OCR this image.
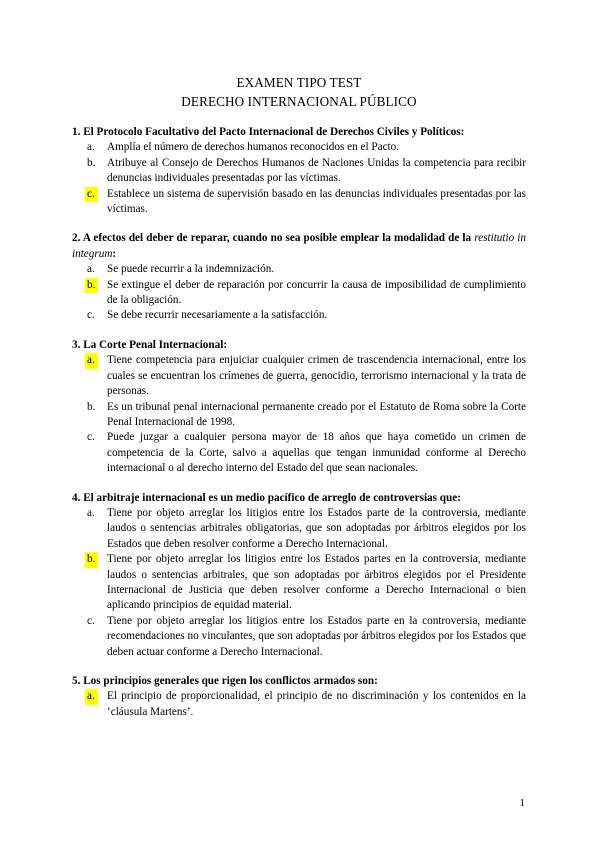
EXAMEN TIPO TEST
DERECHO INTERNACIONAL PÚBLICO
1. El Protocolo Facultativo del Pacto Internacional de Derechos Civiles y Políticos:
a.	Amplía el número de derechos humanos reconocidos en el Pacto.
b.	Atribuye al Consejo de Derechos Humanos de Naciones Unidas la competencia para recibir denuncias individuales presentadas por las víctimas.
c.	Establece un sistema de supervisión basado en las denuncias individuales presentadas por las víctimas.
2. A efectos del deber de reparar, cuando no sea posible emplear la modalidad de la restitutio in integrum:
a.	Se puede recurrir a la indemnización.
b.	Se extingue el deber de reparación por concurrir la causa de imposibilidad de cumplimiento de la obligación.
c.	Se debe recurrir necesariamente a la satisfacción.
3. La Corte Penal Internacional:
a.	Tiene competencia para enjuiciar cualquier crimen de trascendencia internacional, entre los cuales se encuentran los crímenes de guerra, genocidio, terrorismo internacional y la trata de personas.
b.	Es un tribunal penal internacional permanente creado por el Estatuto de Roma sobre la Corte Penal Internacional de 1998.
c.	Puede juzgar a cualquier persona mayor de 18 años que haya cometido un crimen de competencia de la Corte, salvo a aquellas que tengan inmunidad conforme al Derecho internacional o al derecho interno del Estado del que sean nacionales.
4. El arbitraje internacional es un medio pacífico de arreglo de controversias que:
a.	Tiene por objeto arreglar los litigios entre los Estados parte de la controversia, mediante laudos o sentencias arbitrales obligatorias, que son adoptadas por árbitros elegidos por los Estados que deben resolver conforme a Derecho Internacional.
b.	Tiene por objeto arreglar los litigios entre los Estados partes en la controversia, mediante laudos o sentencias arbitrales, que son adoptadas por árbitros elegidos por el Presidente Internacional de Justicia que deben resolver conforme a Derecho Internacional o bien aplicando principios de equidad material.
c.	Tiene por objeto arreglar los litigios entre los Estados parte en la controversia, mediante recomendaciones no vinculantes, que son adoptadas por árbitros elegidos por los Estados que deben actuar conforme a Derecho Internacional.
5. Los principios generales que rigen los conflictos armados son:
a.	El principio de proporcionalidad, el principio de no discriminación y los contenidos en la ‘cláusula Martens’.
1
